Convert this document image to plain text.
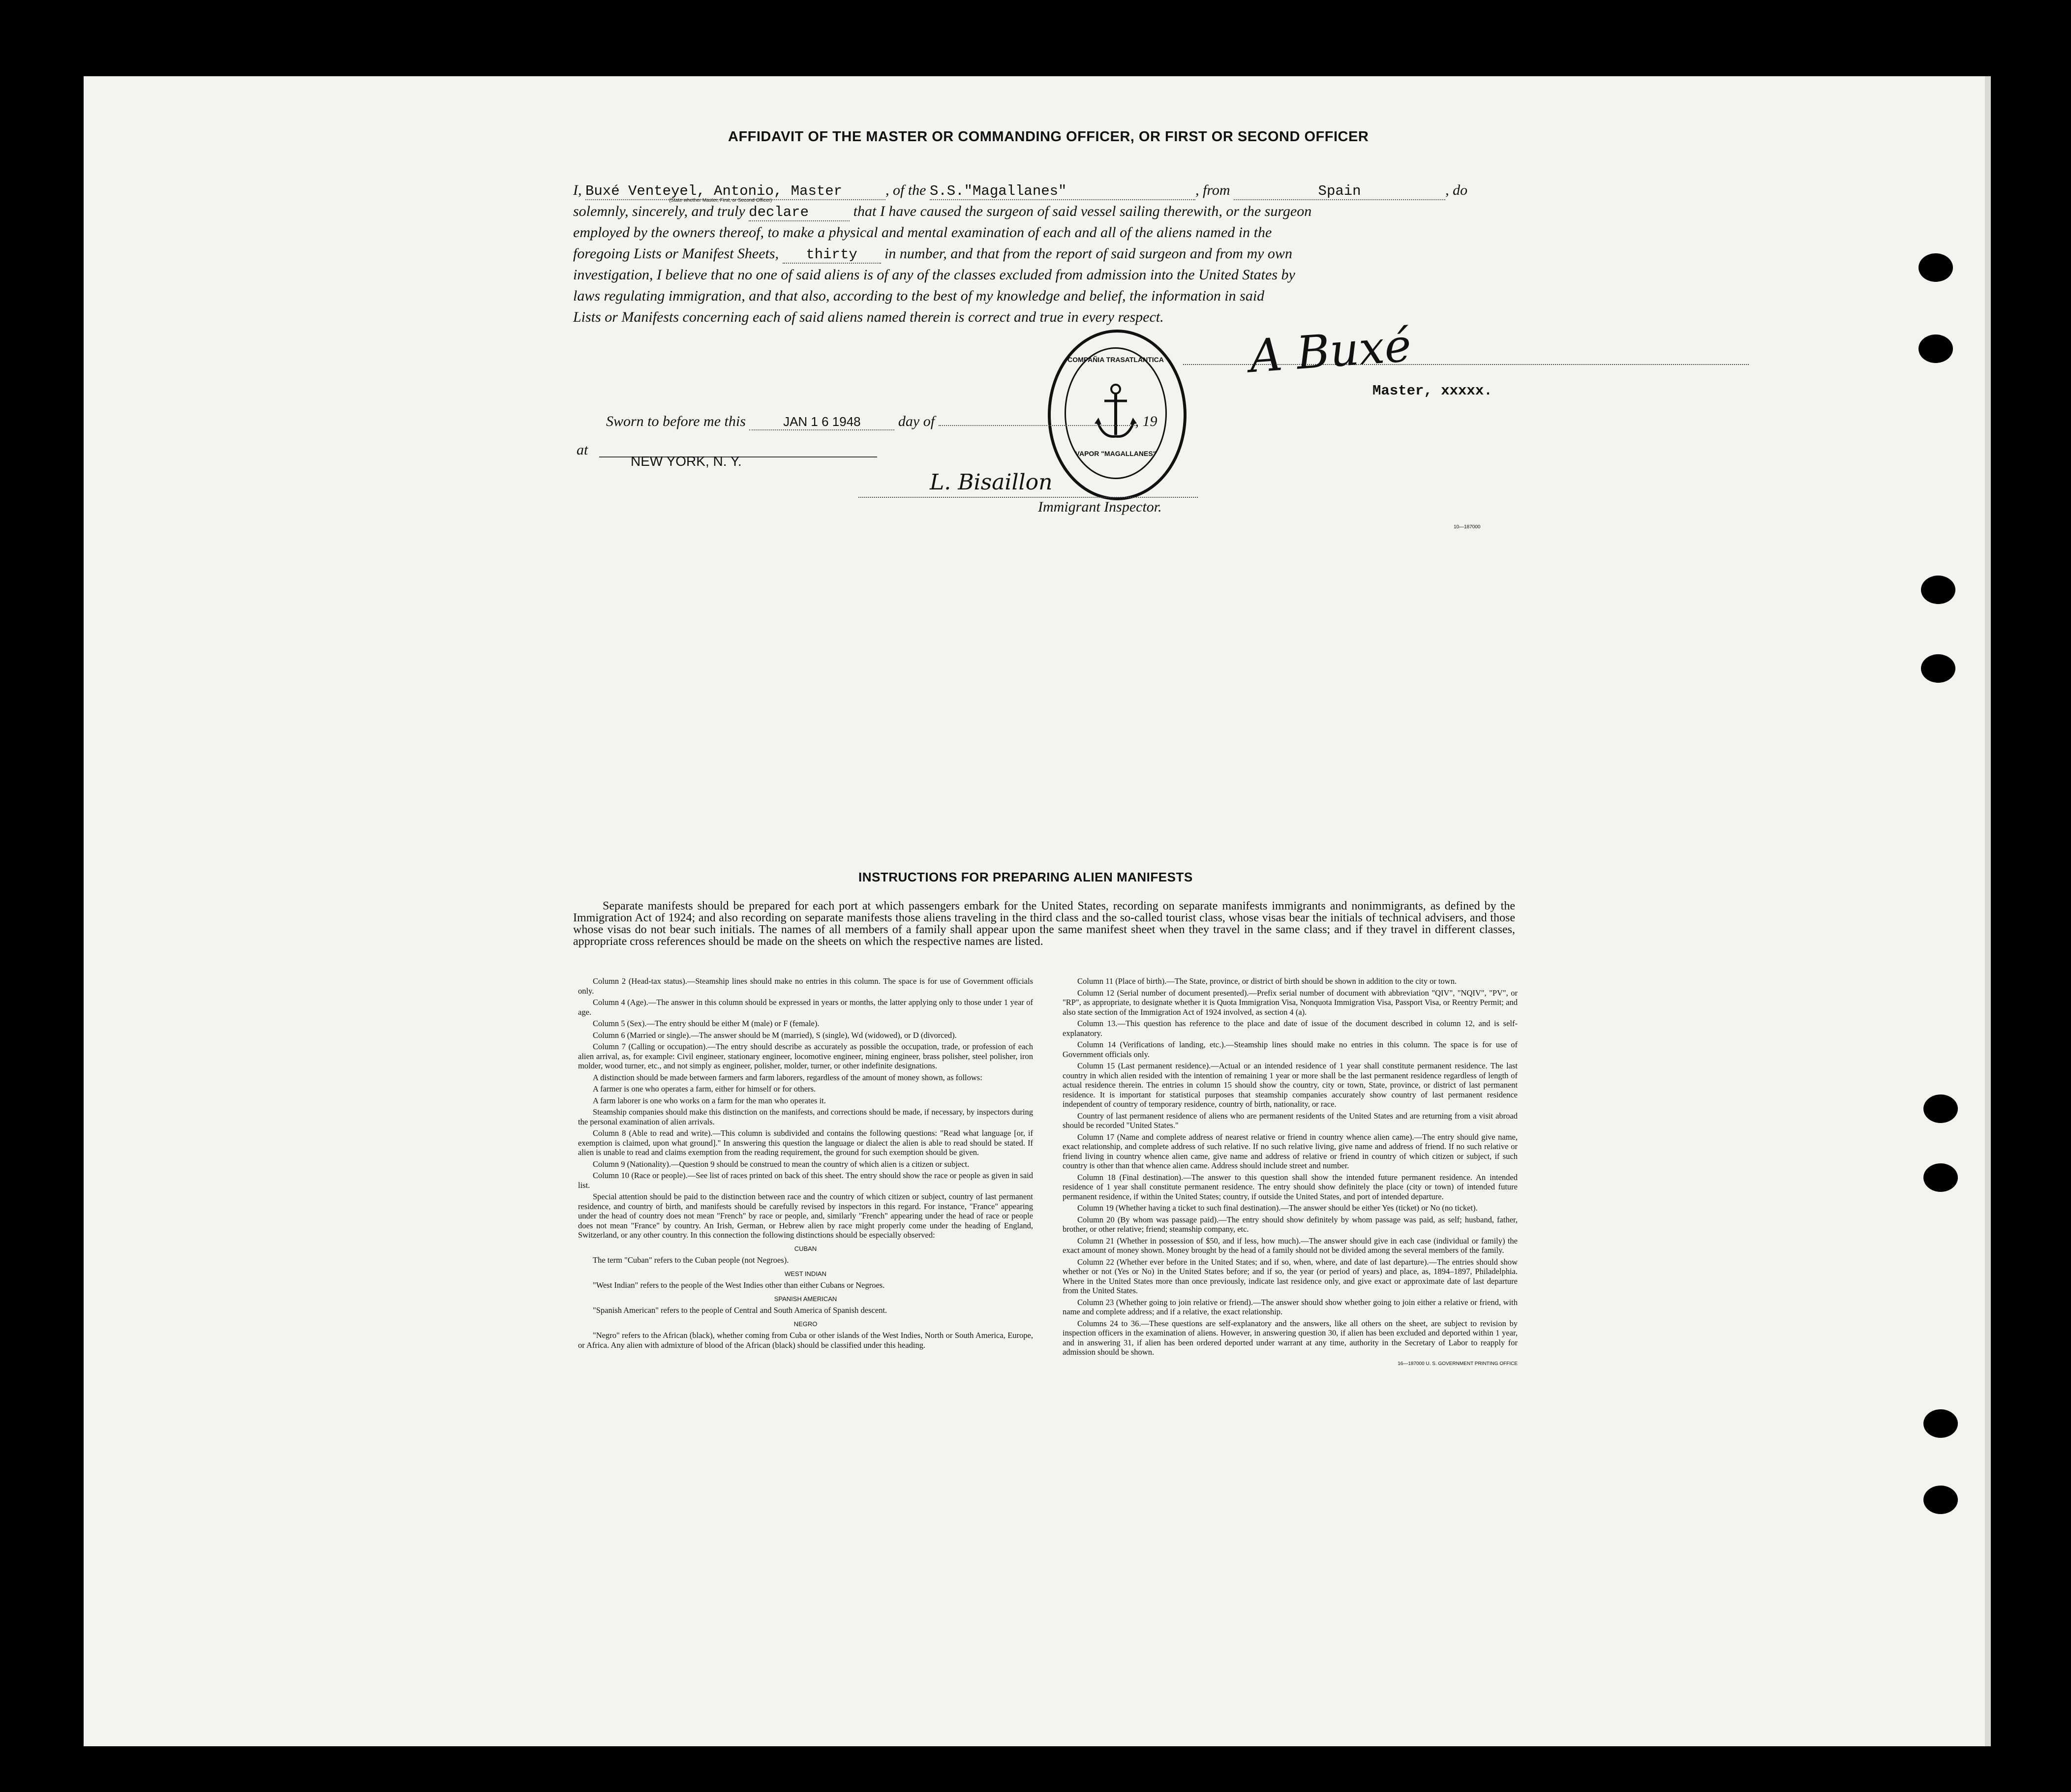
AFFIDAVIT OF THE MASTER OR COMMANDING OFFICER, OR FIRST OR SECOND OFFICER
I, Buxé Venteyel, Antonio, Master	, of the S.S."Magallanes"	, from	Spain	, do
(State whether Master, First, or Second Officer)
solemnly, sincerely, and truly declare	that I have caused the surgeon of said vessel sailing therewith, or the surgeon
employed by the owners thereof, to make a physical and mental examination of each and all of the aliens named in the
foregoing Lists or Manifest Sheets, thirty in number, and that from the report of said surgeon and from my own
investigation, I believe that no one of said aliens is of any of the classes excluded from admission into the United States by
laws regulating immigration, and that also, according to the best of my knowledge and belief, the information in said
Lists or Manifests concerning each of said aliens named therein is correct and true in every respect.
COMPAÑIA TRASATLANTICA
VAPOR "MAGALLANES"
A Buxé
Master, xxxxx.
Sworn to before me this	JAN 1 6 1948	day of	, 19
at
NEW YORK, N. Y.
L. Bisaillon
Immigrant Inspector.
10—187000
INSTRUCTIONS FOR PREPARING ALIEN MANIFESTS

Separate manifests should be prepared for each port at which passengers embark for the United States, recording on separate manifests immigrants and nonimmigrants, as defined by the Immigration Act of 1924; and also recording on separate manifests those aliens traveling in the third class and the so-called tourist class, whose visas bear the initials of technical advisers, and those whose visas do not bear such initials. The names of all members of a family shall appear upon the same manifest sheet when they travel in the same class; and if they travel in different classes, appropriate cross references should be made on the sheets on which the respective names are listed.

Column 2 (Head-tax status).—Steamship lines should make no entries in this column. The space is for use of Government officials only.

Column 4 (Age).—The answer in this column should be expressed in years or months, the latter applying only to those under 1 year of age.

Column 5 (Sex).—The entry should be either M (male) or F (female).

Column 6 (Married or single).—The answer should be M (married), S (single), Wd (widowed), or D (divorced).

Column 7 (Calling or occupation).—The entry should describe as accurately as possible the occupation, trade, or profession of each alien arrival, as, for example: Civil engineer, stationary engineer, locomotive engineer, mining engineer, brass polisher, steel polisher, iron molder, wood turner, etc., and not simply as engineer, polisher, molder, turner, or other indefinite designations.

A distinction should be made between farmers and farm laborers, regardless of the amount of money shown, as follows:

A farmer is one who operates a farm, either for himself or for others.

A farm laborer is one who works on a farm for the man who operates it.

Steamship companies should make this distinction on the manifests, and corrections should be made, if necessary, by inspectors during the personal examination of alien arrivals.

Column 8 (Able to read and write).—This column is subdivided and contains the following questions: "Read what language [or, if exemption is claimed, upon what ground]." In answering this question the language or dialect the alien is able to read should be stated. If alien is unable to read and claims exemption from the reading requirement, the ground for such exemption should be given.

Column 9 (Nationality).—Question 9 should be construed to mean the country of which alien is a citizen or subject.

Column 10 (Race or people).—See list of races printed on back of this sheet. The entry should show the race or people as given in said list.

Special attention should be paid to the distinction between race and the country of which citizen or subject, country of last permanent residence, and country of birth, and manifests should be carefully revised by inspectors in this regard. For instance, "France" appearing under the head of country does not mean "French" by race or people, and, similarly "French" appearing under the head of race or people does not mean "France" by country. An Irish, German, or Hebrew alien by race might properly come under the heading of England, Switzerland, or any other country. In this connection the following distinctions should be especially observed:

CUBAN

The term "Cuban" refers to the Cuban people (not Negroes).

WEST INDIAN

"West Indian" refers to the people of the West Indies other than either Cubans or Negroes.

SPANISH AMERICAN

"Spanish American" refers to the people of Central and South America of Spanish descent.

NEGRO

"Negro" refers to the African (black), whether coming from Cuba or other islands of the West Indies, North or South America, Europe, or Africa. Any alien with admixture of blood of the African (black) should be classified under this heading.

Column 11 (Place of birth).—The State, province, or district of birth should be shown in addition to the city or town.

Column 12 (Serial number of document presented).—Prefix serial number of document with abbreviation "QIV", "NQIV", "PV", or "RP", as appropriate, to designate whether it is Quota Immigration Visa, Nonquota Immigration Visa, Passport Visa, or Reentry Permit; and also state section of the Immigration Act of 1924 involved, as section 4 (a).

Column 13.—This question has reference to the place and date of issue of the document described in column 12, and is self-explanatory.

Column 14 (Verifications of landing, etc.).—Steamship lines should make no entries in this column. The space is for use of Government officials only.

Column 15 (Last permanent residence).—Actual or an intended residence of 1 year shall constitute permanent residence. The last country in which alien resided with the intention of remaining 1 year or more shall be the last permanent residence regardless of length of actual residence therein. The entries in column 15 should show the country, city or town, State, province, or district of last permanent residence. It is important for statistical purposes that steamship companies accurately show country of last permanent residence independent of country of temporary residence, country of birth, nationality, or race.

Country of last permanent residence of aliens who are permanent residents of the United States and are returning from a visit abroad should be recorded "United States."

Column 17 (Name and complete address of nearest relative or friend in country whence alien came).—The entry should give name, exact relationship, and complete address of such relative. If no such relative living, give name and address of friend. If no such relative or friend living in country whence alien came, give name and address of relative or friend in country of which citizen or subject, if such country is other than that whence alien came. Address should include street and number.

Column 18 (Final destination).—The answer to this question shall show the intended future permanent residence. An intended residence of 1 year shall constitute permanent residence. The entry should show definitely the place (city or town) of intended future permanent residence, if within the United States; country, if outside the United States, and port of intended departure.

Column 19 (Whether having a ticket to such final destination).—The answer should be either Yes (ticket) or No (no ticket).

Column 20 (By whom was passage paid).—The entry should show definitely by whom passage was paid, as self; husband, father, brother, or other relative; friend; steamship company, etc.

Column 21 (Whether in possession of $50, and if less, how much).—The answer should give in each case (individual or family) the exact amount of money shown. Money brought by the head of a family should not be divided among the several members of the family.

Column 22 (Whether ever before in the United States; and if so, when, where, and date of last departure).—The entries should show whether or not (Yes or No) in the United States before; and if so, the year (or period of years) and place, as, 1894–1897, Philadelphia. Where in the United States more than once previously, indicate last residence only, and give exact or approximate date of last departure from the United States.

Column 23 (Whether going to join relative or friend).—The answer should show whether going to join either a relative or friend, with name and complete address; and if a relative, the exact relationship.

Columns 24 to 36.—These questions are self-explanatory and the answers, like all others on the sheet, are subject to revision by inspection officers in the examination of aliens. However, in answering question 30, if alien has been excluded and deported within 1 year, and in answering 31, if alien has been ordered deported under warrant at any time, authority in the Secretary of Labor to reapply for admission should be shown.

16—187000 U. S. GOVERNMENT PRINTING OFFICE
